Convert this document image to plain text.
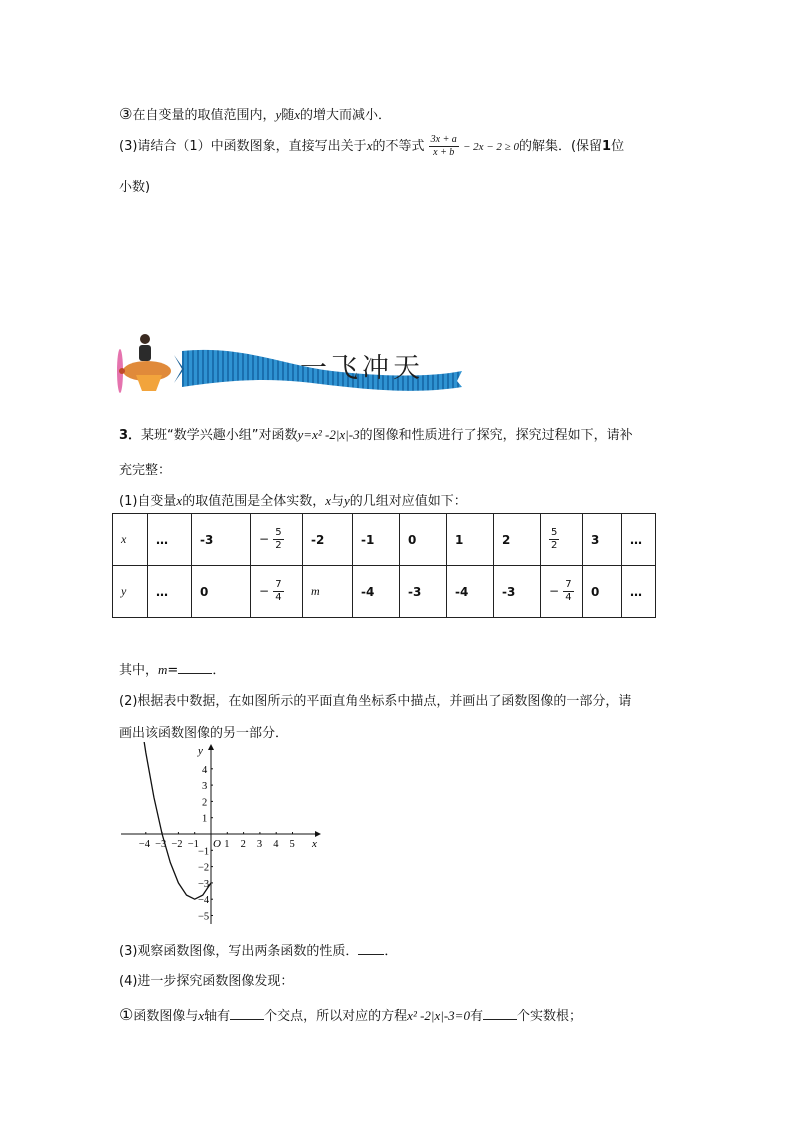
③在自变量的取值范围内，y随x的增大而减小．
(3)请结合（1）中函数图象，直接写出关于x的不等式 $\frac{3x + a}{x + b} - 2x - 2 \ge 0$的解集．(保留1位
小数)
一飞冲天
3．某班“数学兴趣小组”对函数y=x² -2|x|-3的图像和性质进行了探究，探究过程如下，请补
充完整：
(1)自变量x的取值范围是全体实数，x与y的几组对应值如下：
x	…	-3	− $\frac{5}{2}$	-2	-1	0	1	2	$\frac{5}{2}$	3	…
y	…	0	− $\frac{7}{4}$	m	-4	-3	-4	-3	− $\frac{7}{4}$	0	…
其中，m=	．
(2)根据表中数据，在如图所示的平面直角坐标系中描点，并画出了函数图像的一部分，请
画出该函数图像的另一部分．
x
y
O
−4 −3 −2 −1 1 2 3 4 5
4
3
2
1
−1
−2
−3
−4
−5
(3)观察函数图像，写出两条函数的性质． ．
(4)进一步探究函数图像发现：
①函数图像与x轴有	个交点，所以对应的方程x² -2|x|-3=0有	个实数根；
